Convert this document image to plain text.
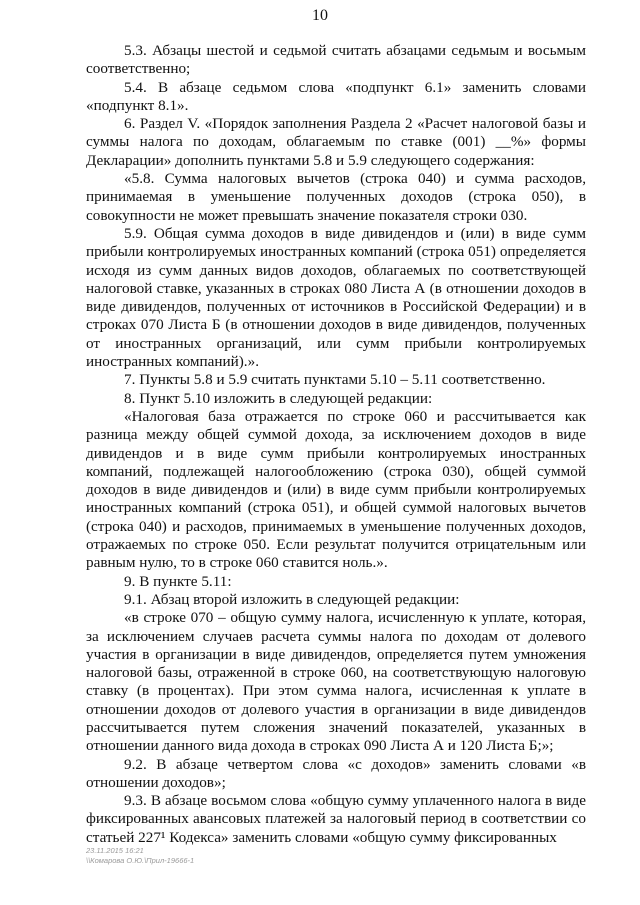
10

5.3. Абзацы шестой и седьмой считать абзацами седьмым и восьмым соответственно;

5.4. В абзаце седьмом слова «подпункт 6.1» заменить словами «подпункт 8.1».

6. Раздел V. «Порядок заполнения Раздела 2 «Расчет налоговой базы и суммы налога по доходам, облагаемым по ставке (001) __%» формы Декларации» дополнить пунктами 5.8 и 5.9 следующего содержания:

«5.8. Сумма налоговых вычетов (строка 040) и сумма расходов, принимаемая в уменьшение полученных доходов (строка 050), в совокупности не может превышать значение показателя строки 030.

5.9. Общая сумма доходов в виде дивидендов и (или) в виде сумм прибыли контролируемых иностранных компаний (строка 051) определяется исходя из сумм данных видов доходов, облагаемых по соответствующей налоговой ставке, указанных в строках 080 Листа А (в отношении доходов в виде дивидендов, полученных от источников в Российской Федерации) и в строках 070 Листа Б (в отношении доходов в виде дивидендов, полученных от иностранных организаций, или сумм прибыли контролируемых иностранных компаний).».

7. Пункты 5.8 и 5.9 считать пунктами 5.10 – 5.11 соответственно.

8. Пункт 5.10 изложить в следующей редакции:

«Налоговая база отражается по строке 060 и рассчитывается как разница между общей суммой дохода, за исключением доходов в виде дивидендов и в виде сумм прибыли контролируемых иностранных компаний, подлежащей налогообложению (строка 030), общей суммой доходов в виде дивидендов и (или) в виде сумм прибыли контролируемых иностранных компаний (строка 051), и общей суммой налоговых вычетов (строка 040) и расходов, принимаемых в уменьшение полученных доходов, отражаемых по строке 050. Если результат получится отрицательным или равным нулю, то в строке 060 ставится ноль.».

9. В пункте 5.11:

9.1. Абзац второй изложить в следующей редакции:

«в строке 070 – общую сумму налога, исчисленную к уплате, которая, за исключением случаев расчета суммы налога по доходам от долевого участия в организации в виде дивидендов, определяется путем умножения налоговой базы, отраженной в строке 060, на соответствующую налоговую ставку (в процентах). При этом сумма налога, исчисленная к уплате в отношении доходов от долевого участия в организации в виде дивидендов рассчитывается путем сложения значений показателей, указанных в отношении данного вида дохода в строках 090 Листа А и 120 Листа Б;»;

9.2. В абзаце четвертом слова «с доходов» заменить словами «в отношении доходов»;

9.3. В абзаце восьмом слова «общую сумму уплаченного налога в виде фиксированных авансовых платежей за налоговый период в соответствии со статьей 227¹ Кодекса» заменить словами «общую сумму фиксированных

23.11.2015 16:21
\\Комарова О.Ю.\Прил-19666-1
